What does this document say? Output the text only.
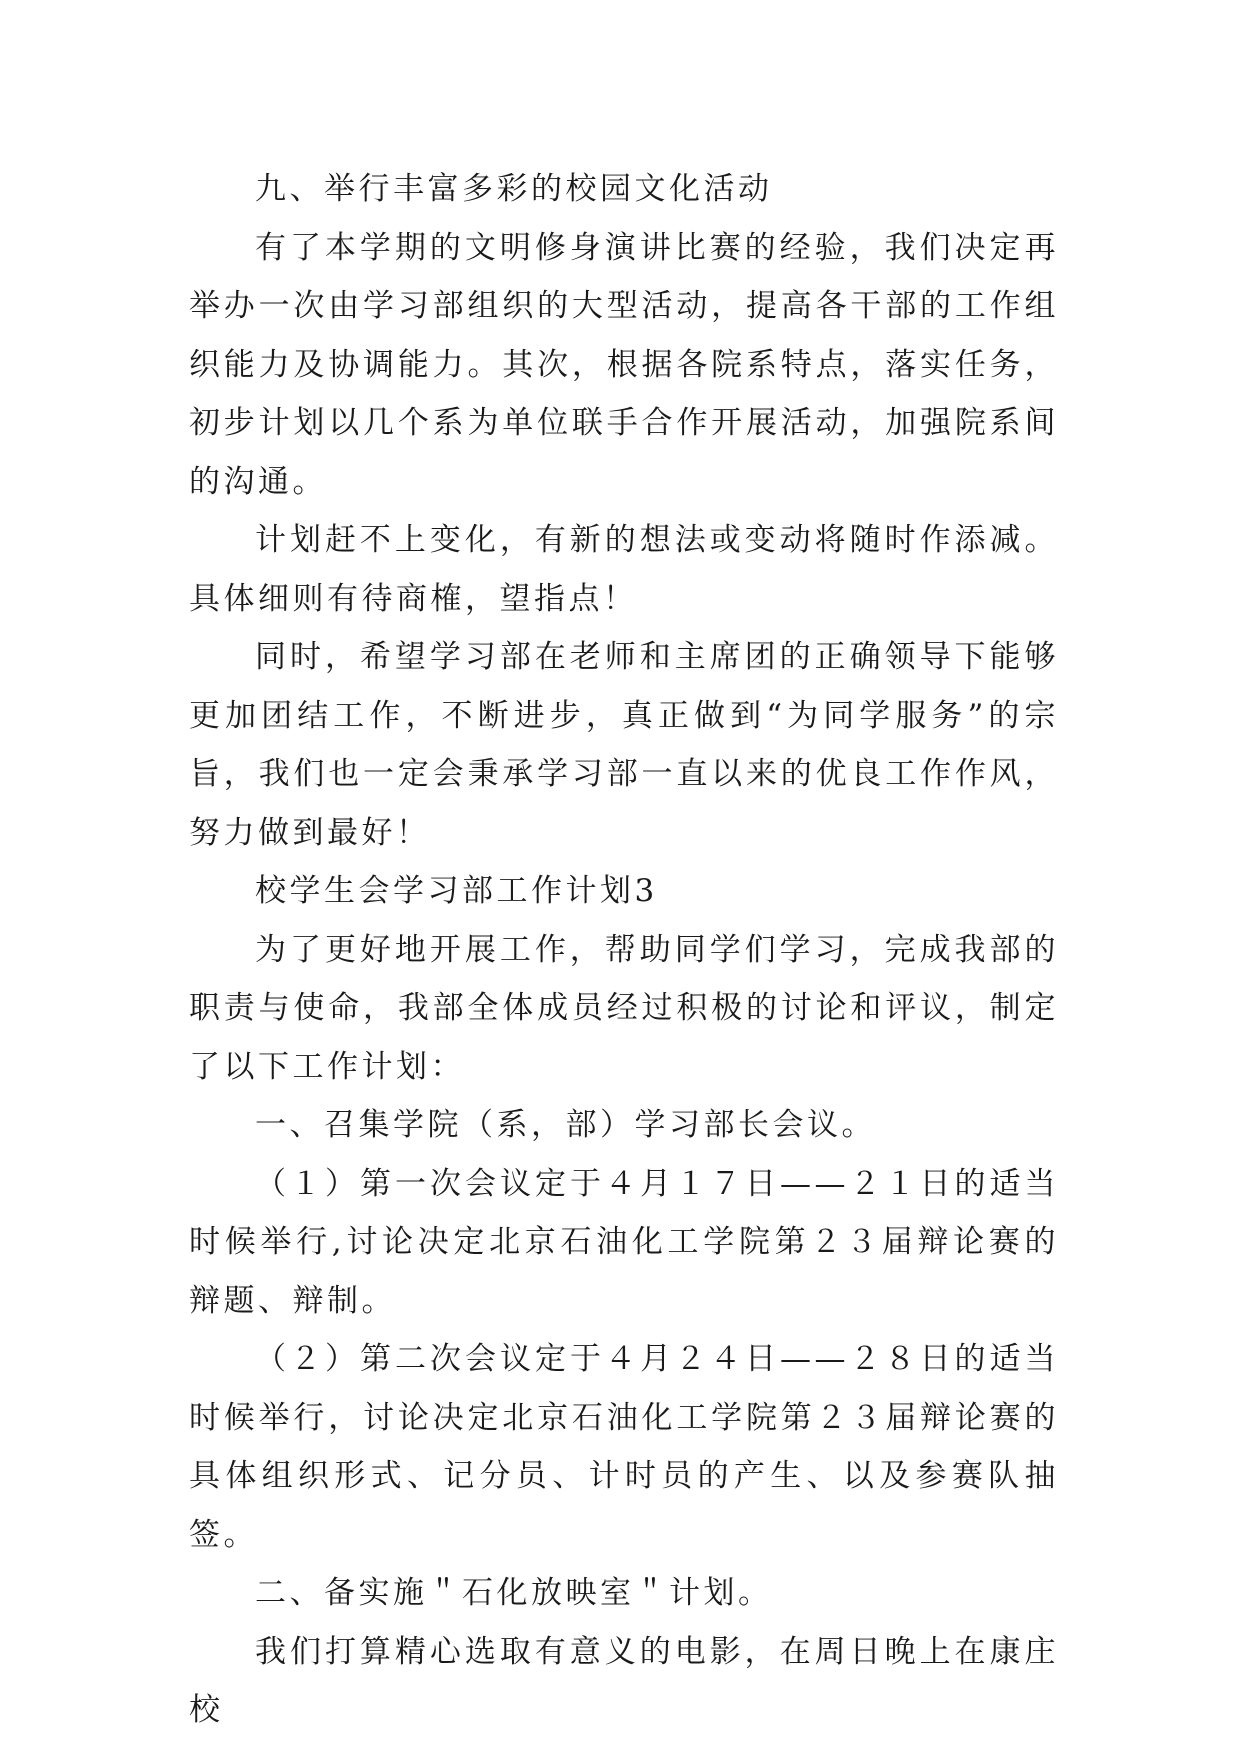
九、举行丰富多彩的校园文化活动

有了本学期的文明修身演讲比赛的经验，我们决定再举办一次由学习部组织的大型活动，提高各干部的工作组织能力及协调能力。其次，根据各院系特点，落实任务，初步计划以几个系为单位联手合作开展活动，加强院系间的沟通。

计划赶不上变化，有新的想法或变动将随时作添减。具体细则有待商榷，望指点！

同时，希望学习部在老师和主席团的正确领导下能够更加团结工作，不断进步，真正做到“为同学服务”的宗旨，我们也一定会秉承学习部一直以来的优良工作作风，努力做到最好！

校学生会学习部工作计划3

为了更好地开展工作，帮助同学们学习，完成我部的职责与使命，我部全体成员经过积极的讨论和评议，制定了以下工作计划：

一、召集学院（系，部）学习部长会议。

（１）第一次会议定于４月１７日——２１日的适当时候举行,讨论决定北京石油化工学院第２３届辩论赛的辩题、辩制。

（２）第二次会议定于４月２４日——２８日的适当时候举行，讨论决定北京石油化工学院第２３届辩论赛的具体组织形式、记分员、计时员的产生、以及参赛队抽签。

二、备实施＂石化放映室＂计划。

我们打算精心选取有意义的电影，在周日晚上在康庄校
